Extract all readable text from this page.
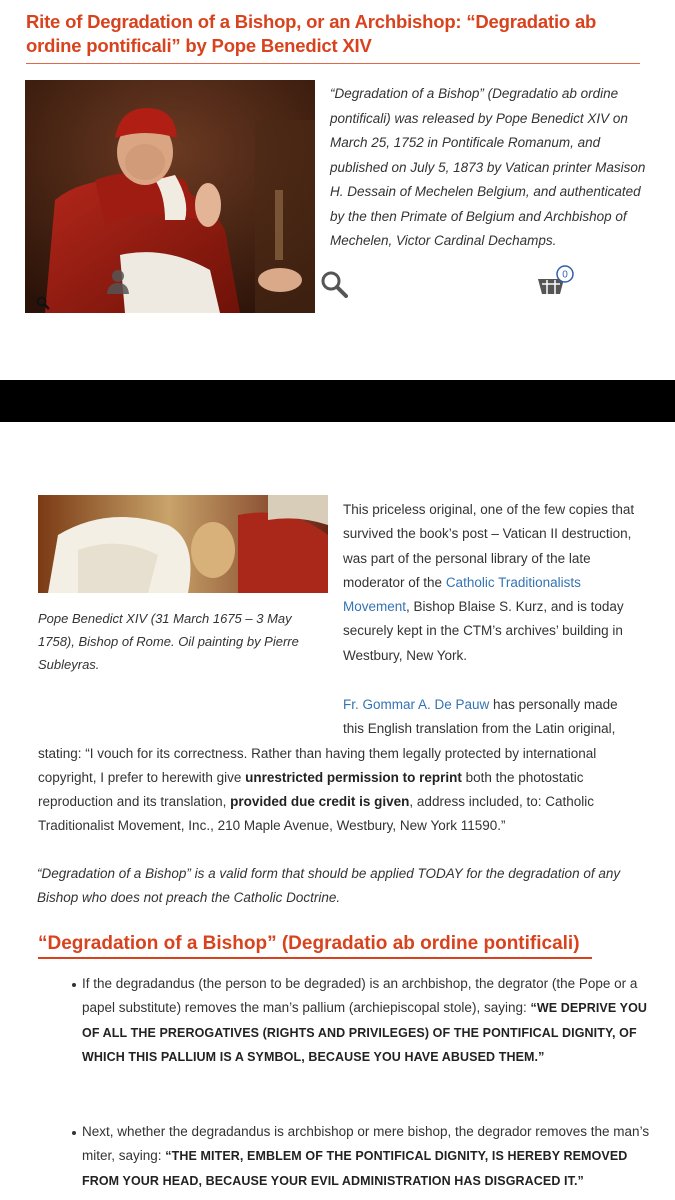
Rite of Degradation of a Bishop, or an Archbishop: “Degradatio ab ordine pontificali” by Pope Benedict XIV

“Degradation of a Bishop” (Degradatio ab ordine pontificali) was released by Pope Benedict XIV on March 25, 1752 in Pontificale Romanum, and published on July 5, 1873 by Vatican printer Masison H. Dessain of Mechelen Belgium, and authenticated by the then Primate of Belgium and Archbishop of Mechelen, Victor Cardinal Dechamps.

0

Pope Benedict XIV (31 March 1675 – 3 May 1758), Bishop of Rome. Oil painting by Pierre Subleyras.

This priceless original, one of the few copies that survived the book’s post – Vatican II destruction, was part of the personal library of the late moderator of the Catholic Traditionalists Movement, Bishop Blaise S. Kurz, and is today securely kept in the CTM’s archives’ building in Westbury, New York.

Fr. Gommar A. De Pauw has personally made
this English translation from the Latin original,
stating: “I vouch for its correctness. Rather than having them legally protected by international copyright, I prefer to herewith give unrestricted permission to reprint both the photostatic reproduction and its translation, provided due credit is given, address included, to: Catholic Traditionalist Movement, Inc., 210 Maple Avenue, Westbury, New York 11590.”

“Degradation of a Bishop” is a valid form that should be applied TODAY for the degradation of any Bishop who does not preach the Catholic Doctrine.

“Degradation of a Bishop” (Degradatio ab ordine pontificali)

If the degradandus (the person to be degraded) is an archbishop, the degrator (the Pope or a papel substitute) removes the man’s pallium (archiepiscopal stole), saying: “WE DEPRIVE YOU OF ALL THE PREROGATIVES (RIGHTS AND PRIVILEGES) OF THE PONTIFICAL DIGNITY, OF WHICH THIS PALLIUM IS A SYMBOL, BECAUSE YOU HAVE ABUSED THEM.”

Next, whether the degradandus is archbishop or mere bishop, the degrador removes the man’s miter, saying: “THE MITER, EMBLEM OF THE PONTIFICAL DIGNITY, IS HEREBY REMOVED FROM YOUR HEAD, BECAUSE YOUR EVIL ADMINISTRATION HAS DISGRACED IT.”
